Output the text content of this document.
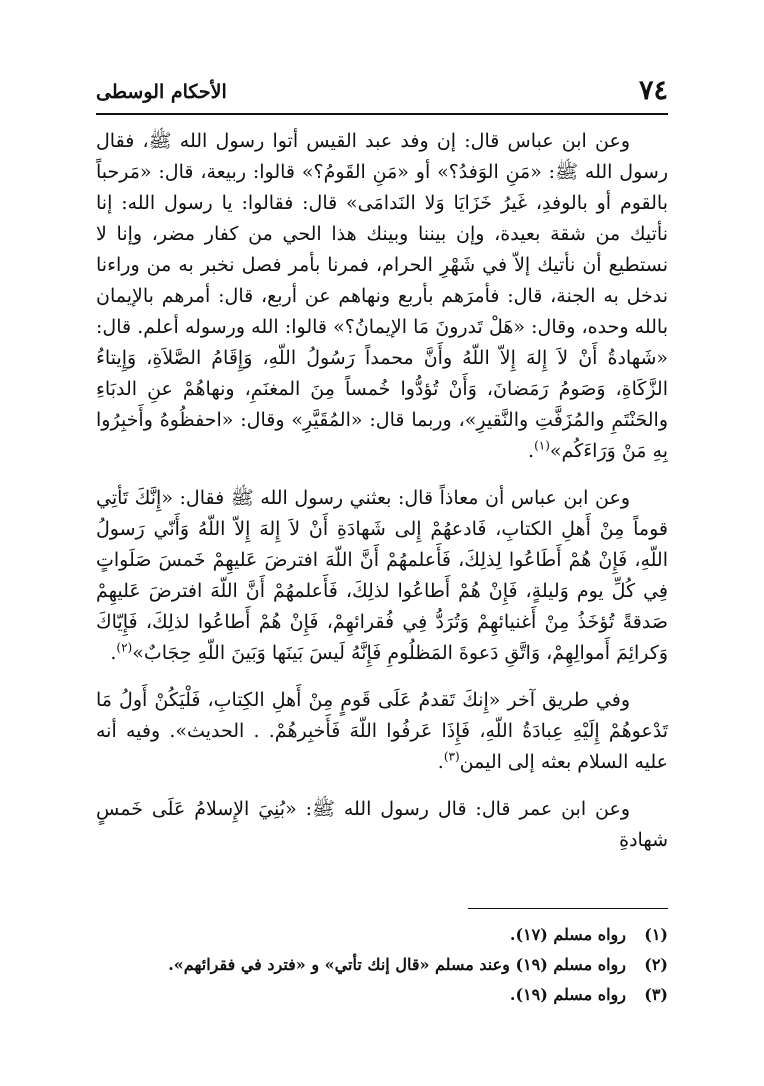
٧٤
الأحكام الوسطى

وعن ابن عباس قال: إن وفد عبد القيس أتوا رسول الله ﷺ، فقال رسول الله ﷺ: «مَنِ الوَفدُ؟» أو «مَنِ القَومُ؟» قالوا: ربيعة، قال: «مَرحباً بالقوم أو بالوفدِ، غَيرُ خَزَايَا وَلا النَدامَى» قال: فقالوا: يا رسول الله: إنا نأتيك من شقة بعيدة، وإن بيننا وبينك هذا الحي من كفار مضر، وإنا لا نستطيع أن نأتيك إلاّ في شَهْرِ الحرام، فمرنا بأمر فصل نخبر به من وراءنا ندخل به الجنة، قال: فأمرَهم بأربع ونهاهم عن أربع، قال: أمرهم بالإيمان بالله وحده، وقال: «هَلْ تَدرونَ مَا الإيمانُ؟» قالوا: الله ورسوله أعلم. قال: «شَهادةُ أَنْ لاَ إِلهَ إِلاّ اللّهُ وأَنَّ محمداً رَسُولُ اللّهِ، وَإِقَامُ الصَّلاَةِ، وَإِيتاءُ الزَّكَاةِ، وَصَومُ رَمَضانَ، وَأَنْ تُؤدُّوا خُمساً مِنَ المغنَمِ، ونهاهُمْ عنِ الدبَاءِ والحَنْتَمِ والمُزَفَّتِ والنَّقيرِ»، وربما قال: «المُقَيَّرِ» وقال: «احفظُوهُ وأَخبِرُوا بِهِ مَنْ وَرَاءَكُم»$^{(١)}$.

وعن ابن عباس أن معاذاً قال: بعثني رسول الله ﷺ فقال: «إِنَّكَ تَأتِي قوماً مِنْ أَهلِ الكتابِ، فَادعهُمْ إِلى شَهادَةِ أَنْ لاَ إِلهَ إِلاّ اللّهُ وَأَنّي رَسولُ اللّهِ، فَإِنْ هُمْ أَطَاعُوا لِذلِكَ، فَأَعلمهُمْ أَنَّ اللّهَ افترضَ عَليهِمْ خَمسَ صَلَواتٍ فِي كُلِّ يوم وَليلةٍ، فَإِنْ هُمْ أَطاعُوا لذلِكَ، فَأَعلمهُمْ أَنَّ اللّهَ افترضَ عَليهِمْ صَدقةً تُؤخَذُ مِنْ أَغنيائهِمْ وَتُرَدُّ فِي فُقرائهِمْ، فَإِنْ هُمْ أَطاعُوا لذلِكَ، فَإِيّاكَ وَكرائِمَ أَموالِهِمْ، وَاتَّقِ دَعوةَ المَظلُومِ فَإِنَّهُ لَيسَ بَينَها وَبَينَ اللّهِ حِجَابٌ»$^{(٢)}$.

وفي طريق آخر «إِنكَ تَقدمُ عَلَى قَومٍ مِنْ أَهلِ الكِتابِ، فَلْيَكُنْ أَولُ مَا تَدْعوهُمْ إِلَيْهِ عِبادَةُ اللّهِ، فَإِذَا عَرفُوا اللّهَ فَأَخبِرهُمْ. . الحديث». وفيه أنه عليه السلام بعثه إلى اليمن$^{(٣)}$.

وعن ابن عمر قال: قال رسول الله ﷺ: «بُنِيَ الإِسلامُ عَلَى خَمسٍ شهادةِ

(١)
رواه مسلم (١٧).
(٢)
رواه مسلم (١٩) وعند مسلم «قال إنك تأتي» و «فترد في فقرائهم».
(٣)
رواه مسلم (١٩).
